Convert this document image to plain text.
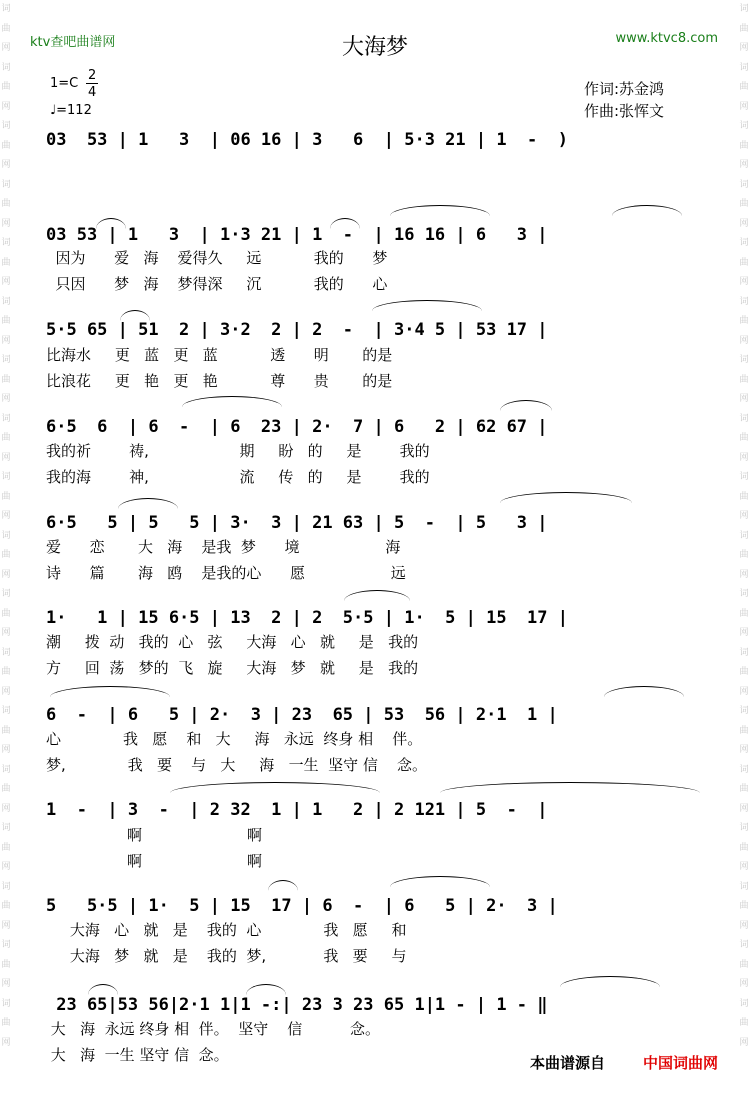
词
曲
网
词
曲
网
词
曲
网
词
曲
网
词
曲
网
词
曲
网
词
曲
网
词
曲
网
词
曲
网
词
曲
网
词
曲
网
词
曲
网
词
曲
网
词
曲
网
词
曲
网
词
曲
网
词
曲
网
词
曲
网
词
曲
网
词
曲
网
词
曲
网
词
曲
网
词
曲
网
词
曲
网
词
曲
网
词
曲
网
词
曲
网
词
曲
网
词
曲
网
词
曲
网
词
曲
网
词
曲
网
词
曲
网
词
曲
网
词
曲
网
词
曲
网
ktv查吧曲谱网	www.ktvc8.com
大海梦
1=C
2
4
♩=112
作词:苏金鸿
作曲:张恽文
03  53 | 1   3  | 06 16 | 3   6  | 5·3 21 | 1  -  )
03 53 | 1   3  | 1·3 21 | 1  -  | 16 16 | 6   3 |
因为      爱   海    爱得久     远           我的      梦
只因      梦   海    梦得深     沉           我的      心
5·5 65 | 51  2 | 3·2  2 | 2  -  | 3·4 5 | 53 17 |
比海水     更   蓝   更   蓝           透      明       的是
比浪花     更   艳   更   艳           尊      贵       的是
6·5  6  | 6  -  | 6  23 | 2·  7 | 6   2 | 62 67 |
我的祈        祷,                   期     盼   的     是        我的
我的海        神,                   流     传   的     是        我的
6·5   5 | 5   5 | 3·  3 | 21 63 | 5  -  | 5   3 |
爱      恋       大   海    是我  梦      境                  海
诗      篇       海   鸥    是我的心      愿                  远
1·   1 | 15 6·5 | 13  2 | 2  5·5 | 1·  5 | 15  17 |
潮     拨  动   我的  心   弦     大海   心   就     是   我的
方     回  荡   梦的  飞   旋     大海   梦   就     是   我的
6  -  | 6   5 | 2·  3 | 23  65 | 53  56 | 2·1  1 |
心             我   愿    和   大     海   永远  终身 相    伴。
梦,             我   要    与   大     海   一生  坚守 信    念。
1  -  | 3  -  | 2 32  1 | 1   2 | 2 121 | 5  -  |
啊                      啊
啊                      啊
5   5·5 | 1·  5 | 15  17 | 6  -  | 6   5 | 2·  3 |
大海   心   就   是    我的  心             我   愿     和
大海   梦   就   是    我的  梦,            我   要     与
23 65|53 56|2·1 1|1 -:| 23 3 23 65 1|1 - | 1 - ‖
大   海  永远 终身 相  伴。  坚守    信          念。
大   海  一生 坚守 信  念。	本曲谱源自	中国词曲网
